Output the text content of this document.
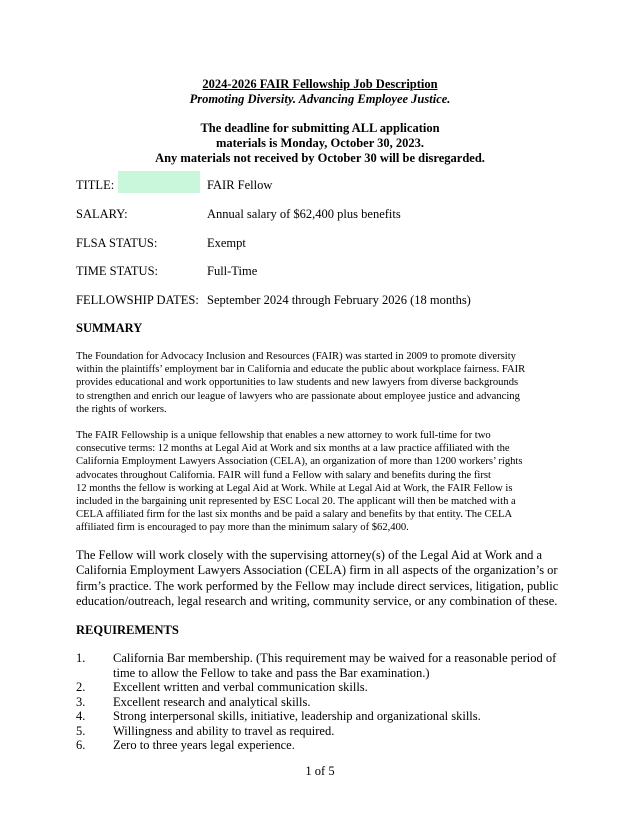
2024-2026 FAIR Fellowship Job Description
Promoting Diversity. Advancing Employee Justice.
The deadline for submitting ALL application
materials is Monday, October 30, 2023.
Any materials not received by October 30 will be disregarded.
TITLE:	FAIR Fellow
SALARY:	Annual salary of $62,400 plus benefits
FLSA STATUS:	Exempt
TIME STATUS:	Full-Time
FELLOWSHIP DATES: September 2024 through February 2026 (18 months)
SUMMARY
The Foundation for Advocacy Inclusion and Resources (FAIR) was started in 2009 to promote diversity
within the plaintiffs’ employment bar in California and educate the public about workplace fairness. FAIR
provides educational and work opportunities to law students and new lawyers from diverse backgrounds
to strengthen and enrich our league of lawyers who are passionate about employee justice and advancing
the rights of workers.
The FAIR Fellowship is a unique fellowship that enables a new attorney to work full-time for two
consecutive terms: 12 months at Legal Aid at Work and six months at a law practice affiliated with the
California Employment Lawyers Association (CELA), an organization of more than 1200 workers’ rights
advocates throughout California. FAIR will fund a Fellow with salary and benefits during the first
12 months the fellow is working at Legal Aid at Work. While at Legal Aid at Work, the FAIR Fellow is
included in the bargaining unit represented by ESC Local 20. The applicant will then be matched with a
CELA affiliated firm for the last six months and be paid a salary and benefits by that entity. The CELA
affiliated firm is encouraged to pay more than the minimum salary of $62,400.
The Fellow will work closely with the supervising attorney(s) of the Legal Aid at Work and a
California Employment Lawyers Association (CELA) firm in all aspects of the organization’s or
firm’s practice. The work performed by the Fellow may include direct services, litigation, public
education/outreach, legal research and writing, community service, or any combination of these.
REQUIREMENTS
1. California Bar membership. (This requirement may be waived for a reasonable period of
time to allow the Fellow to take and pass the Bar examination.)
2. Excellent written and verbal communication skills.
3. Excellent research and analytical skills.
4. Strong interpersonal skills, initiative, leadership and organizational skills.
5. Willingness and ability to travel as required.
6. Zero to three years legal experience.
1 of 5
